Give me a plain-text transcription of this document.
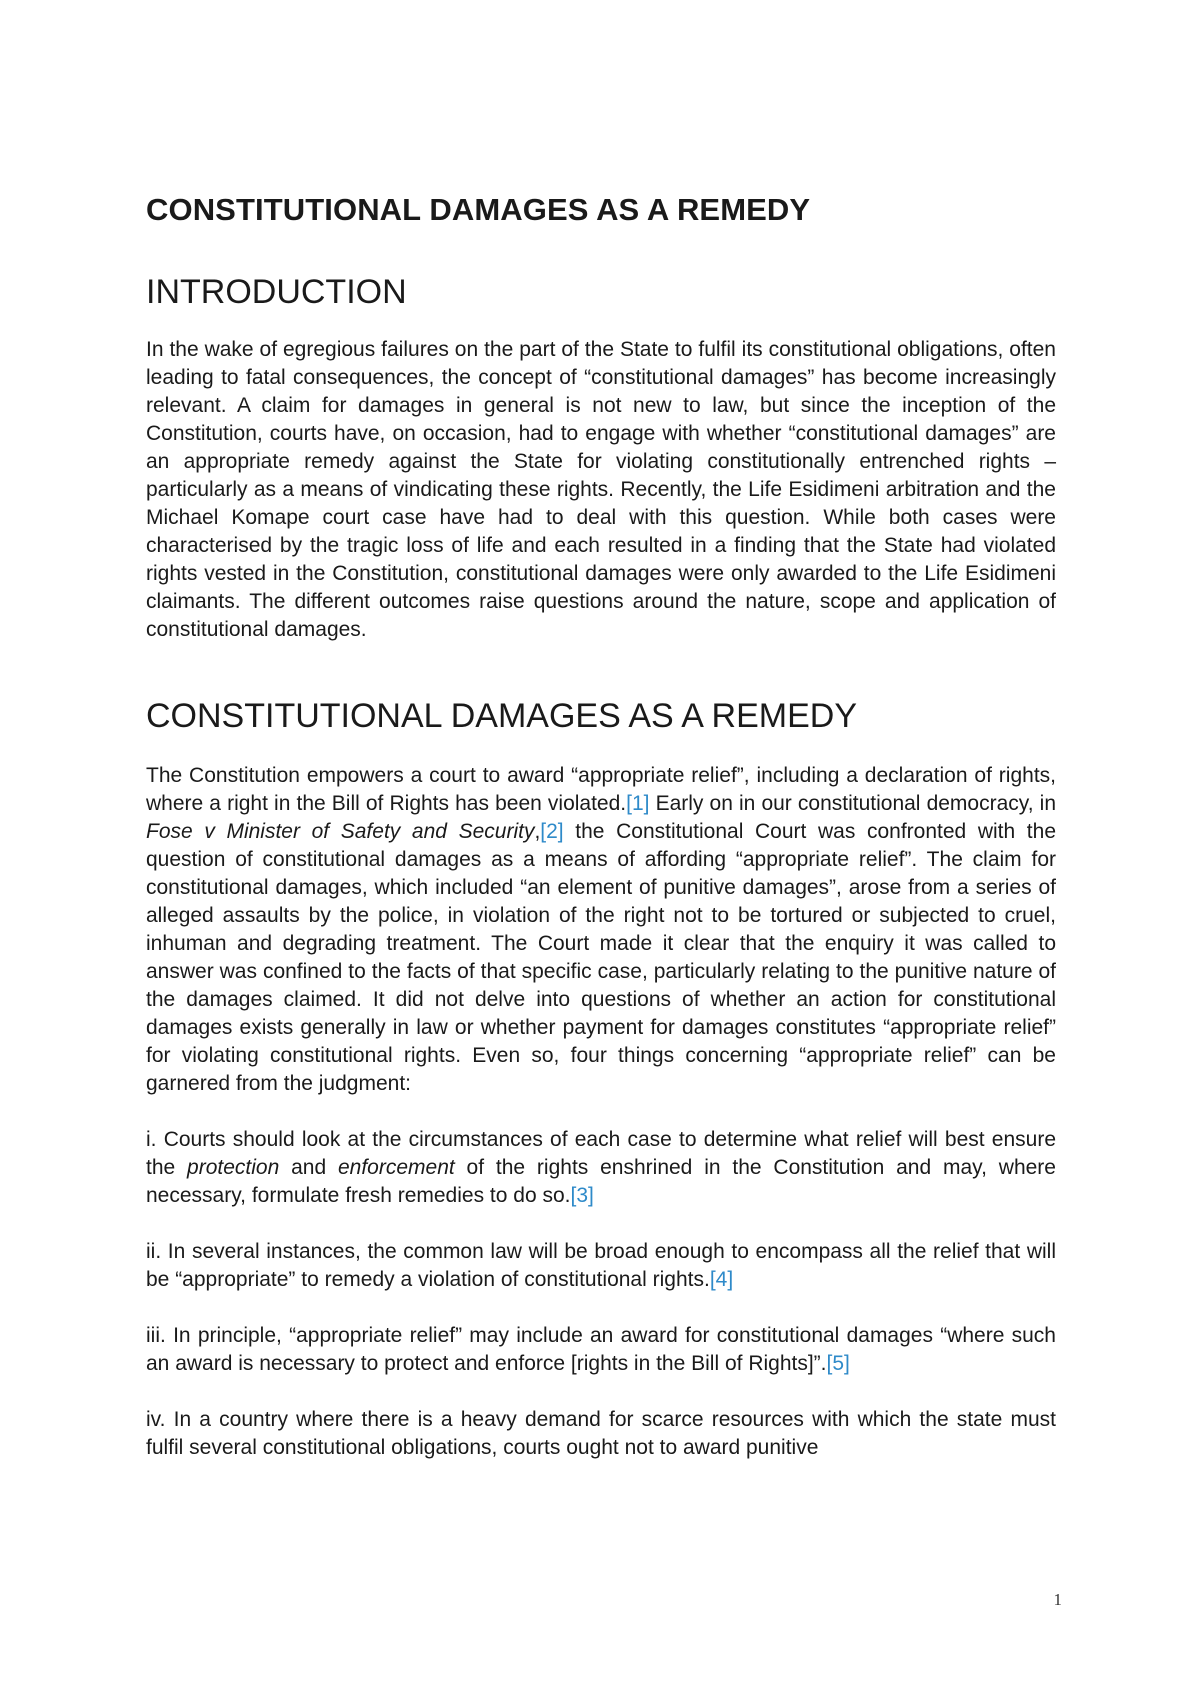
CONSTITUTIONAL DAMAGES AS A REMEDY
INTRODUCTION

In the wake of egregious failures on the part of the State to fulfil its constitutional obligations, often leading to fatal consequences, the concept of “constitutional damages” has become increasingly relevant. A claim for damages in general is not new to law, but since the inception of the Constitution, courts have, on occasion, had to engage with whether “constitutional damages” are an appropriate remedy against the State for violating constitutionally entrenched rights – particularly as a means of vindicating these rights. Recently, the Life Esidimeni arbitration and the Michael Komape court case have had to deal with this question. While both cases were characterised by the tragic loss of life and each resulted in a finding that the State had violated rights vested in the Constitution, constitutional damages were only awarded to the Life Esidimeni claimants. The different outcomes raise questions around the nature, scope and application of constitutional damages.

CONSTITUTIONAL DAMAGES AS A REMEDY

The Constitution empowers a court to award “appropriate relief”, including a declaration of rights, where a right in the Bill of Rights has been violated.[1] Early on in our constitutional democracy, in Fose v Minister of Safety and Security,[2] the Constitutional Court was confronted with the question of constitutional damages as a means of affording “appropriate relief”. The claim for constitutional damages, which included “an element of punitive damages”, arose from a series of alleged assaults by the police, in violation of the right not to be tortured or subjected to cruel, inhuman and degrading treatment. The Court made it clear that the enquiry it was called to answer was confined to the facts of that specific case, particularly relating to the punitive nature of the damages claimed. It did not delve into questions of whether an action for constitutional damages exists generally in law or whether payment for damages constitutes “appropriate relief” for violating constitutional rights. Even so, four things concerning “appropriate relief” can be garnered from the judgment:

i. Courts should look at the circumstances of each case to determine what relief will best ensure the protection and enforcement of the rights enshrined in the Constitution and may, where necessary, formulate fresh remedies to do so.[3]

ii. In several instances, the common law will be broad enough to encompass all the relief that will be “appropriate” to remedy a violation of constitutional rights.[4]

iii. In principle, “appropriate relief” may include an award for constitutional damages “where such an award is necessary to protect and enforce [rights in the Bill of Rights]”.[5]

iv. In a country where there is a heavy demand for scarce resources with which the state must fulfil several constitutional obligations, courts ought not to award punitive

1
